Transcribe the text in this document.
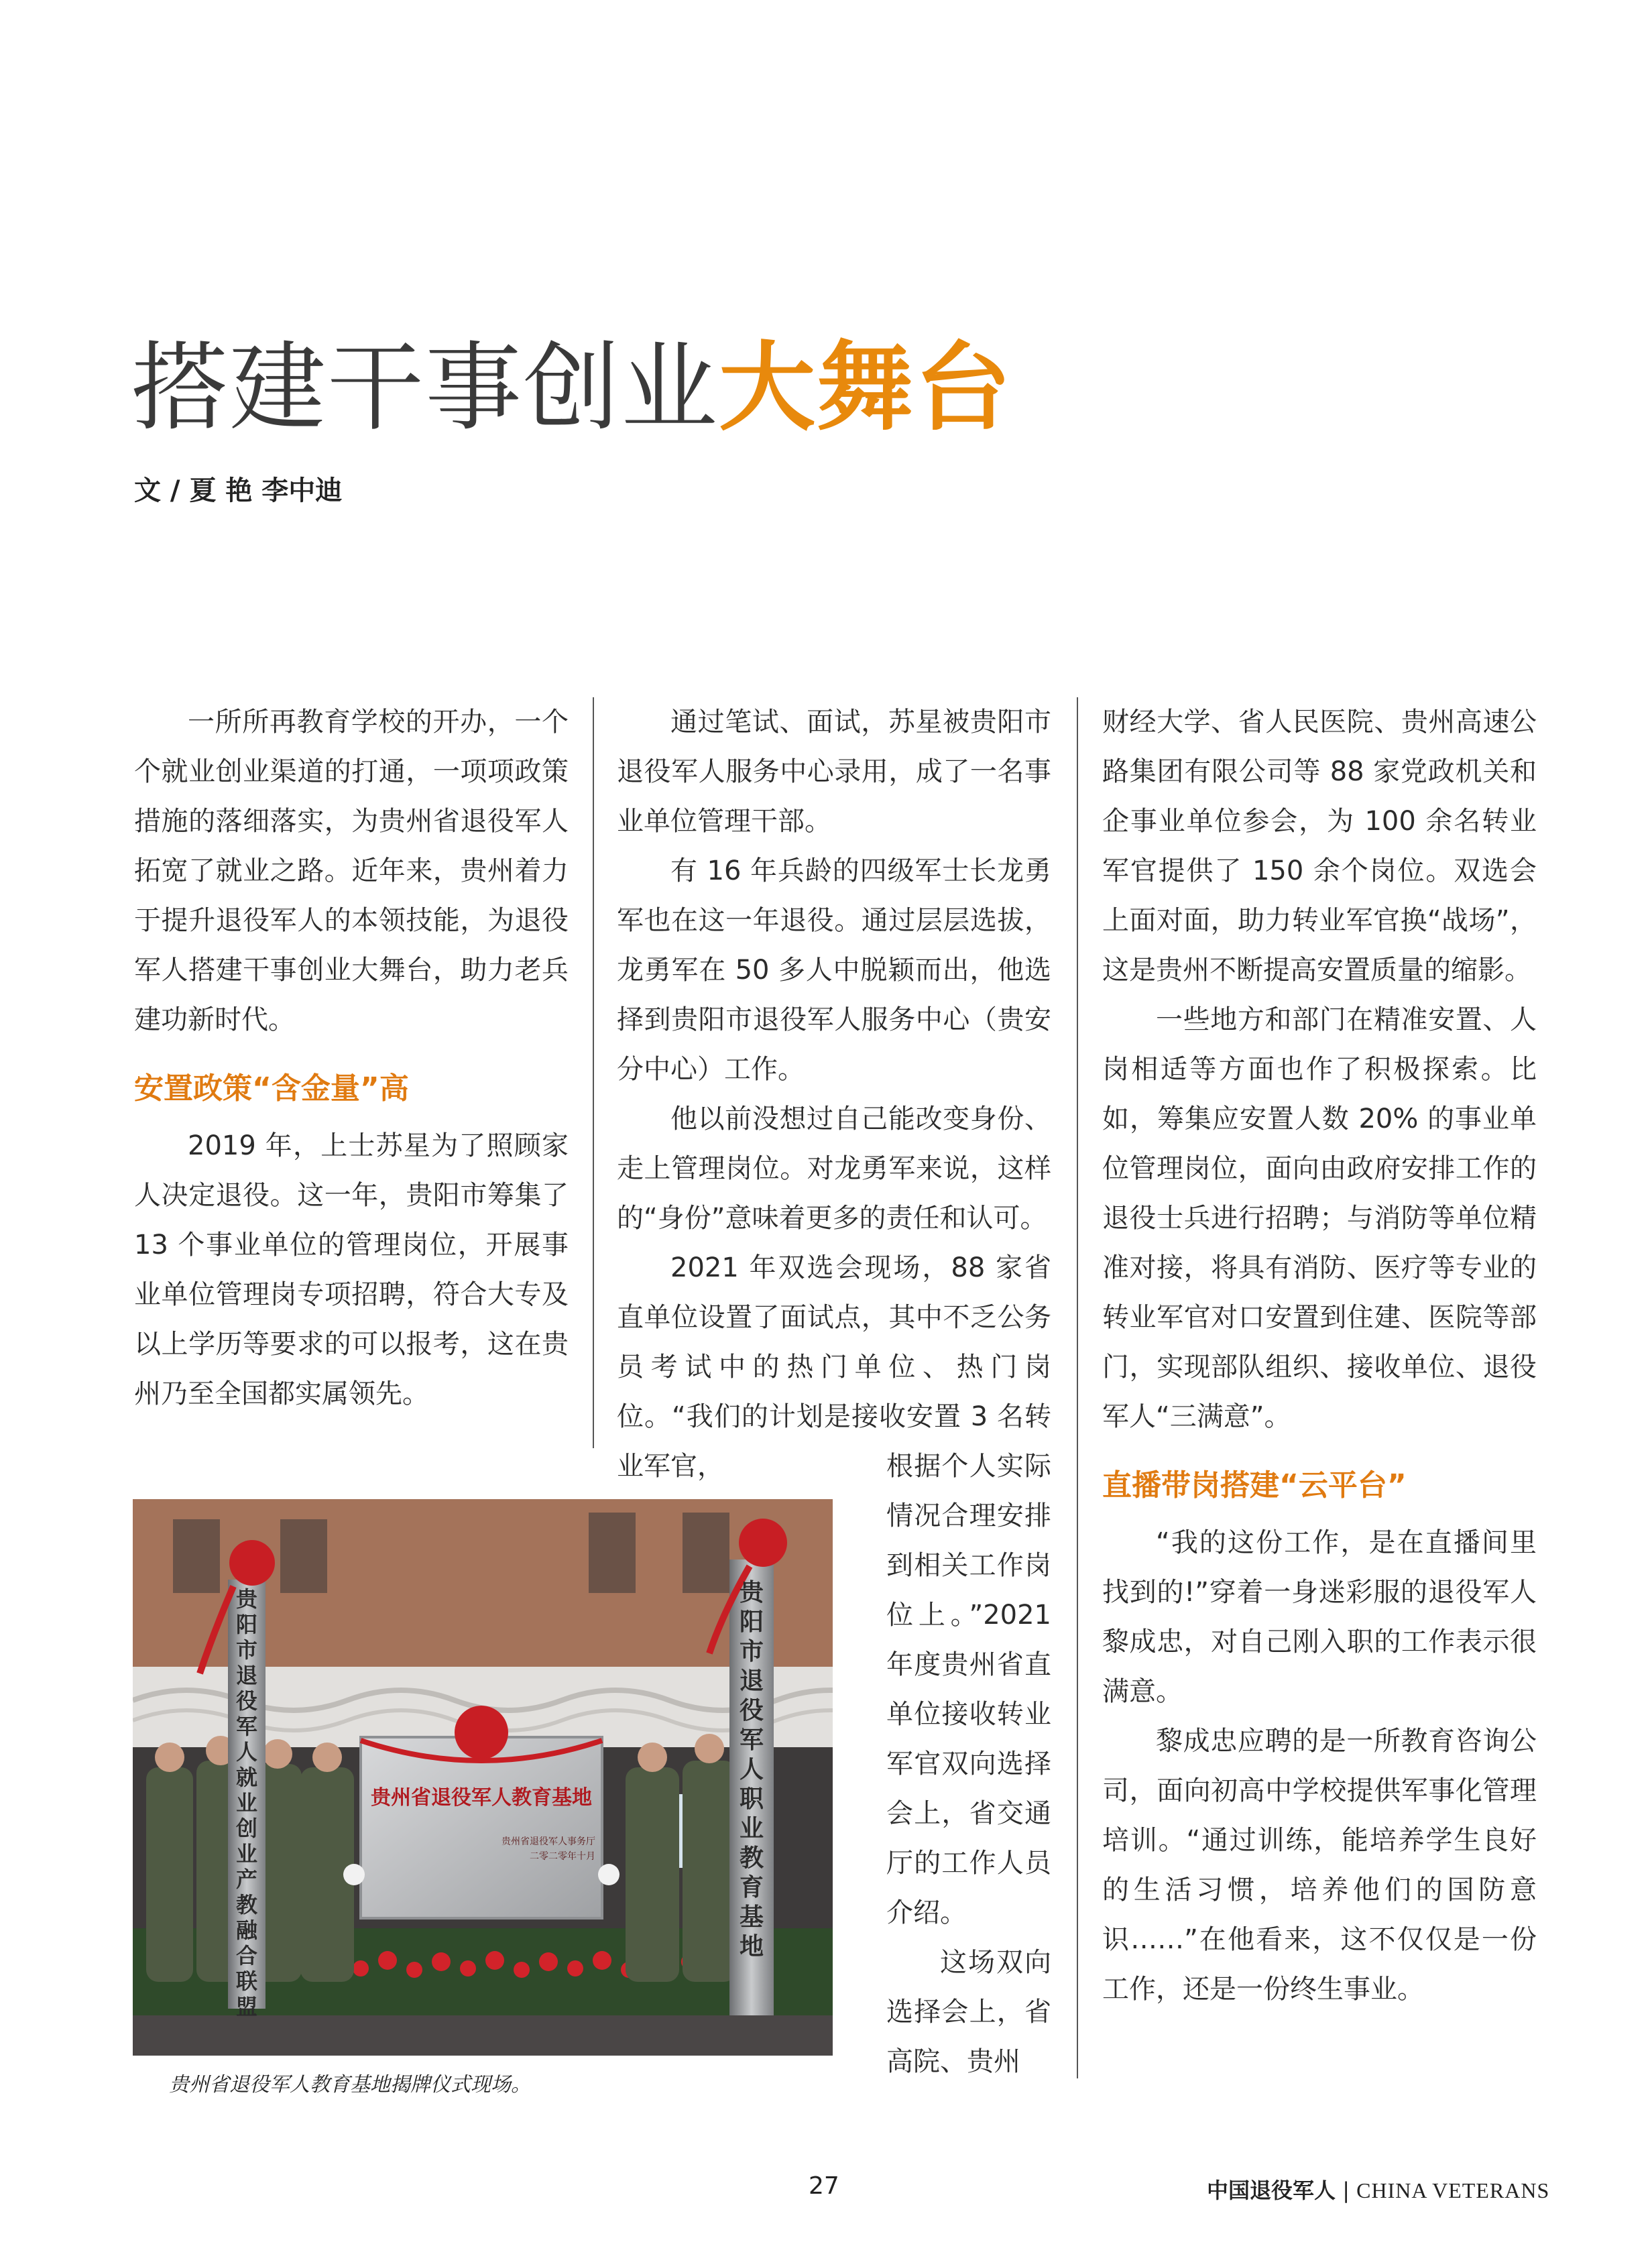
搭建干事创业大舞台
文 / 夏 艳 李中迪

一所所再教育学校的开办，一个个就业创业渠道的打通，一项项政策措施的落细落实，为贵州省退役军人拓宽了就业之路。近年来，贵州着力于提升退役军人的本领技能，为退役军人搭建干事创业大舞台，助力老兵建功新时代。

安置政策“含金量”高

2019 年，上士苏星为了照顾家人决定退役。这一年，贵阳市筹集了 13 个事业单位的管理岗位，开展事业单位管理岗专项招聘，符合大专及以上学历等要求的可以报考，这在贵州乃至全国都实属领先。

通过笔试、面试，苏星被贵阳市退役军人服务中心录用，成了一名事业单位管理干部。

有 16 年兵龄的四级军士长龙勇军也在这一年退役。通过层层选拔，龙勇军在 50 多人中脱颖而出，他选择到贵阳市退役军人服务中心（贵安分中心）工作。

他以前没想过自己能改变身份、走上管理岗位。对龙勇军来说，这样的“身份”意味着更多的责任和认可。

2021 年双选会现场，88 家省直单位设置了面试点，其中不乏公务员考试中的热门单位、热门岗位。“我们的计划是接收安置 3 名转业军官，	根据个人实际情况合理安排到相关工作岗位上。”2021 年度贵州省直单位接收转业军官双向选择会上，省交通厅的工作人员介绍。

这场双向选择会上，省高院、贵州

财经大学、省人民医院、贵州高速公路集团有限公司等 88 家党政机关和企事业单位参会，为 100 余名转业军官提供了 150 余个岗位。双选会上面对面，助力转业军官换“战场”，这是贵州不断提高安置质量的缩影。

一些地方和部门在精准安置、人岗相适等方面也作了积极探索。比如，筹集应安置人数 20% 的事业单位管理岗位，面向由政府安排工作的退役士兵进行招聘；与消防等单位精准对接，将具有消防、医疗等专业的转业军官对口安置到住建、医院等部门，实现部队组织、接收单位、退役军人“三满意”。

直播带岗搭建“云平台”

“我的这份工作，是在直播间里找到的!”穿着一身迷彩服的退役军人黎成忠，对自己刚入职的工作表示很满意。

黎成忠应聘的是一所教育咨询公司，面向初高中学校提供军事化管理培训。“通过训练，能培养学生良好的生活习惯，培养他们的国防意识……”在他看来，这不仅仅是一份工作，还是一份终生事业。

贵阳市退役军人就业创业产教融合联盟
贵阳市退役军人职业教育基地
贵州省退役军人教育基地
贵州省退役军人事务厅
二零二零年十月
贵州省退役军人教育基地揭牌仪式现场。
27	中国退役军人 | CHINA VETERANS
